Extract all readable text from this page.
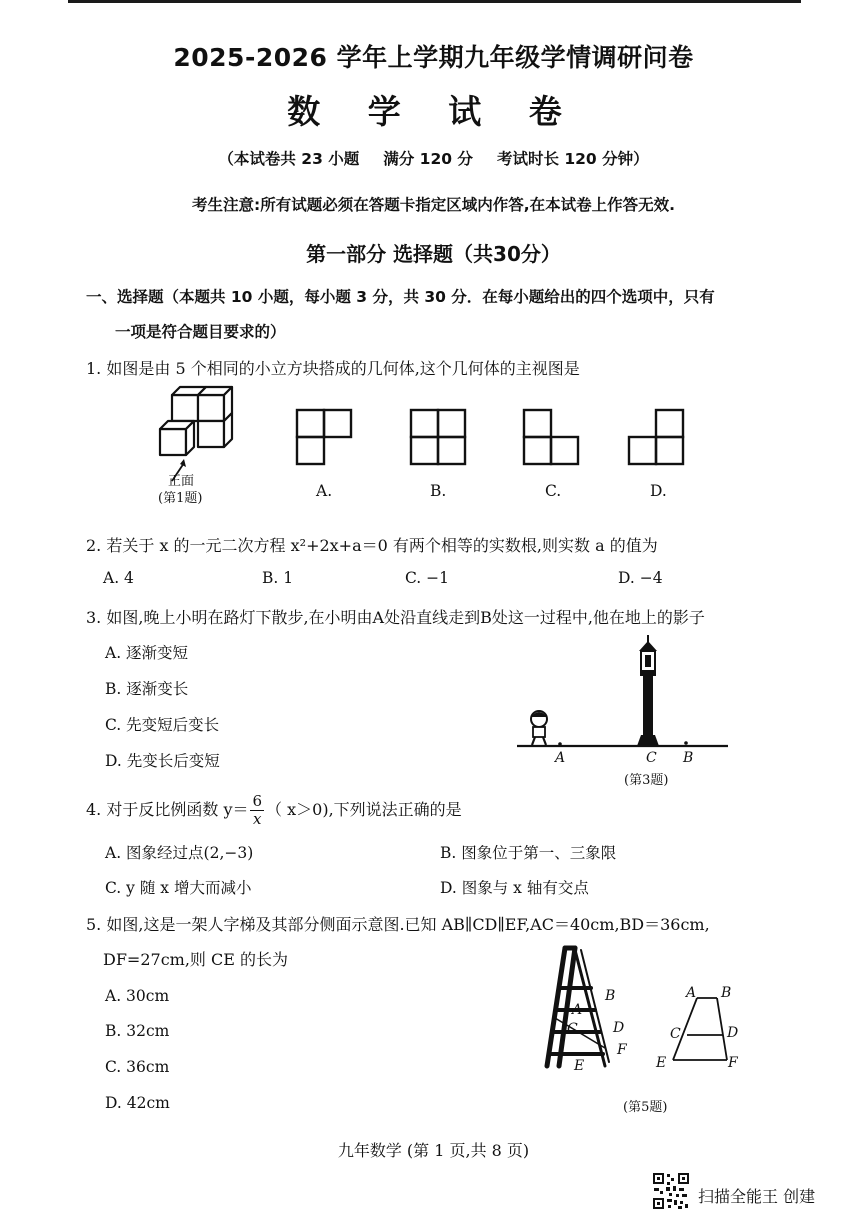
2025-2026 学年上学期九年级学情调研问卷
数 学 试 卷
（本试卷共 23 小题 满分 120 分 考试时长 120 分钟）
考生注意:所有试题必须在答题卡指定区域内作答,在本试卷上作答无效.
第一部分 选择题（共30分）
一、选择题（本题共 10 小题，每小题 3 分，共 30 分．在每小题给出的四个选项中，只有
一项是符合题目要求的）
1. 如图是由 5 个相同的小立方块搭成的几何体,这个几何体的主视图是
正面
(第1题)	A.	B.	C.	D.
2. 若关于 x 的一元二次方程 x²+2x+a＝0 有两个相等的实数根,则实数 a 的值为
A. 4	B. 1	C. −1	D. −4
3. 如图,晚上小明在路灯下散步,在小明由A处沿直线走到B处这一过程中,他在地上的影子
A. 逐渐变短
B. 逐渐变长
C. 先变短后变长
D. 先变长后变短	A	C B
(第3题)
4. 对于反比例函数 $y= \frac{6}{x}$ （ x＞0),下列说法正确的是
A. 图象经过点(2,−3)	B. 图象位于第一、三象限
C. y 随 x 增大而减小	D. 图象与 x 轴有交点
5. 如图,这是一架人字梯及其部分侧面示意图.已知 AB∥CD∥EF,AC＝40cm,BD＝36cm,
DF=27cm,则 CE 的长为
A. 30cm
B. 32cm
C. 36cm
D. 42cm
B
A
C	D
F
E
A B
C	D
E	F
(第5题)
九年数学 (第 1 页,共 8 页)
扫描全能王 创建
